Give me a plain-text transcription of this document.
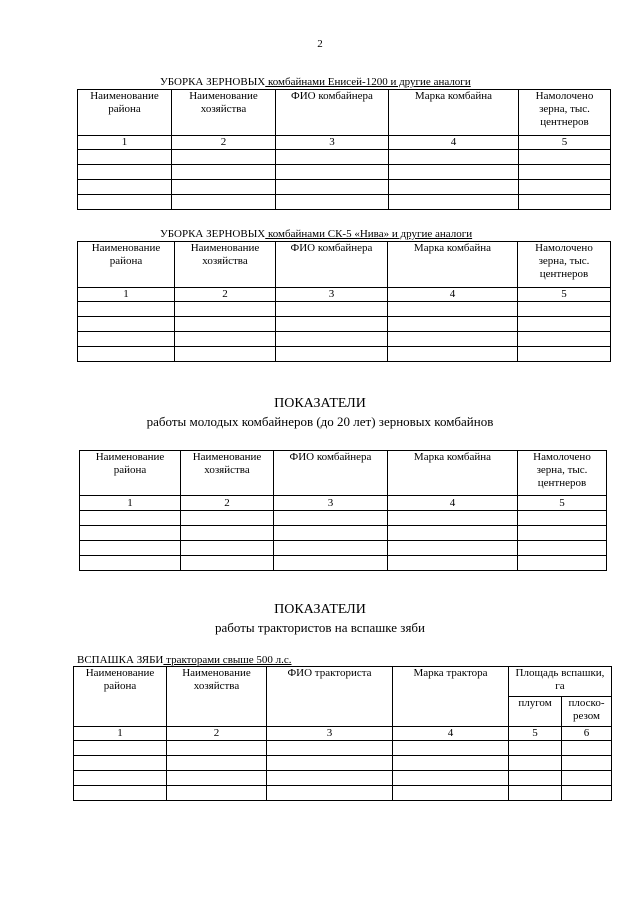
2
УБОРКА ЗЕРНОВЫХ комбайнами Енисей-1200 и другие аналоги
Наименование района	Наименование хозяйства	ФИО комбайнера	Марка комбайна	Намолочено зерна, тыс. центнеров
1	2	3	4	5

УБОРКА ЗЕРНОВЫХ комбайнами СК-5 «Нива» и другие аналоги
Наименование района	Наименование хозяйства	ФИО комбайнера	Марка комбайна	Намолочено зерна, тыс. центнеров
1	2	3	4	5

ПОКАЗАТЕЛИ
работы молодых комбайнеров (до 20 лет) зерновых комбайнов
Наименование района	Наименование хозяйства	ФИО комбайнера	Марка комбайна	Намолочено зерна, тыс. центнеров
1	2	3	4	5

ПОКАЗАТЕЛИ
работы трактористов на вспашке зяби
ВСПАШКА ЗЯБИ тракторами свыше 500 л.с.
Наименование района	Наименование хозяйства	ФИО тракториста	Марка трактора	Площадь вспашки, га	
				плугом	плоско-резом
1	2	3	4	5	6
